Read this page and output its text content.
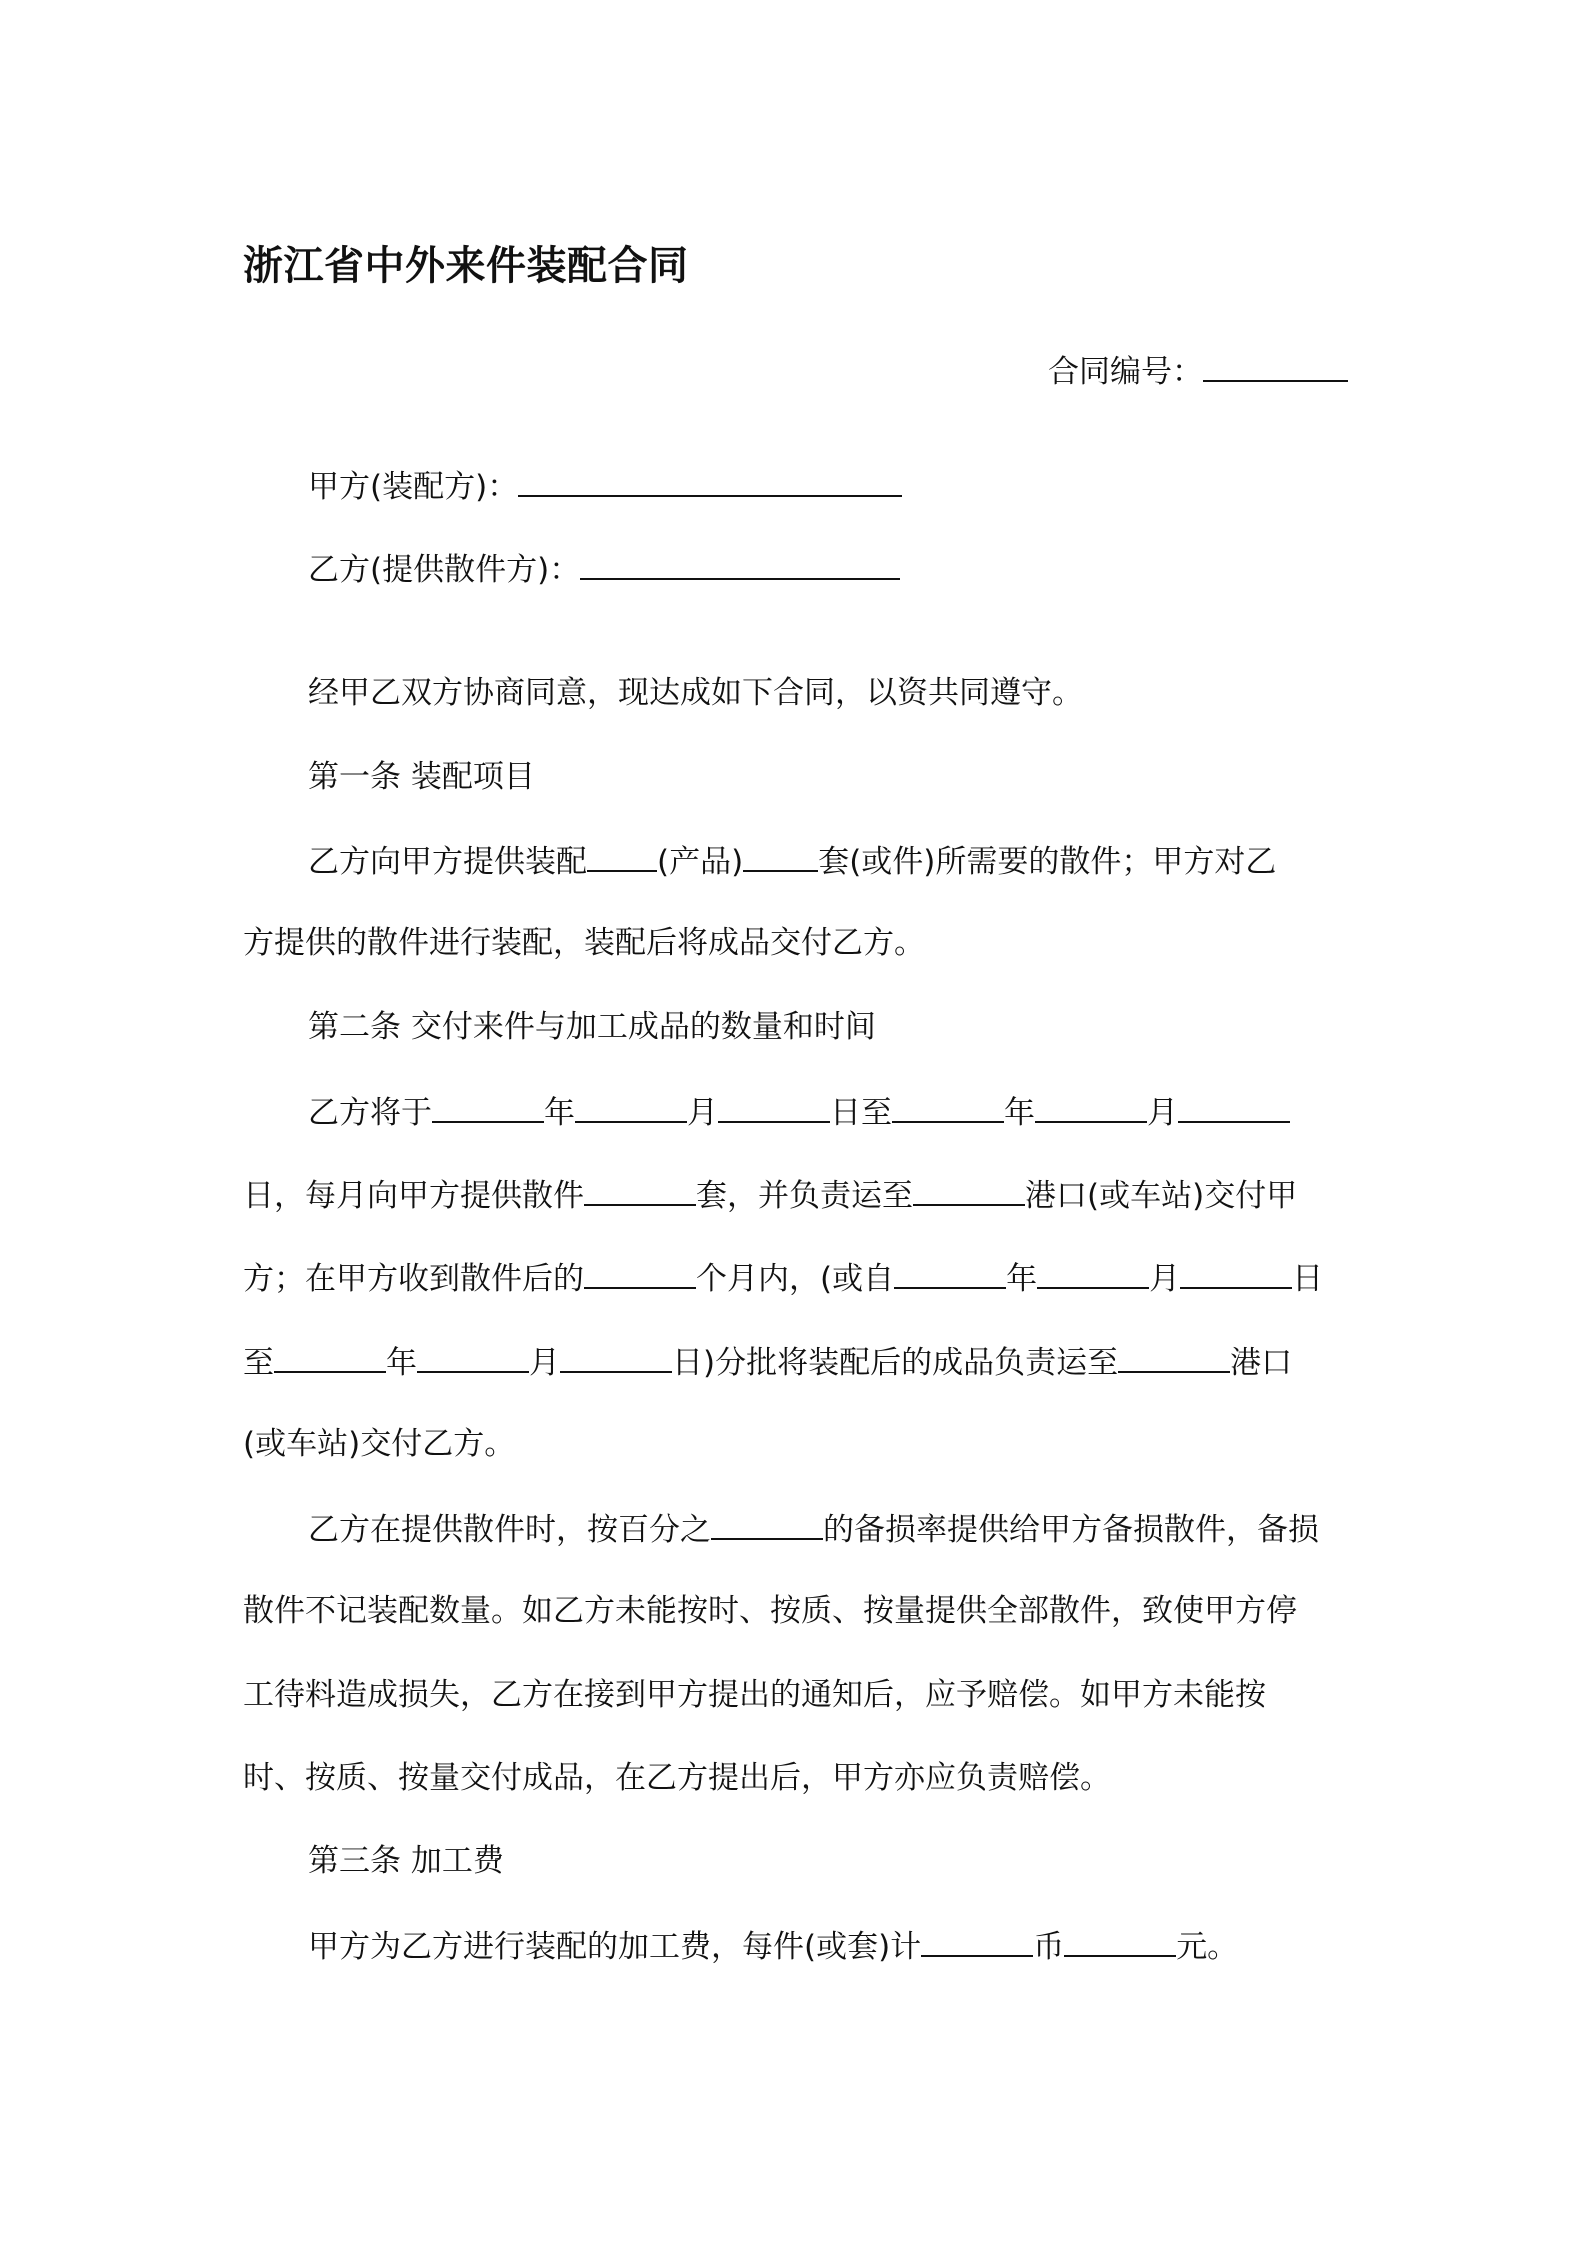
浙江省中外来件装配合同
合同编号：
甲方(装配方)：
乙方(提供散件方)：
经甲乙双方协商同意，现达成如下合同，以资共同遵守。
第一条 装配项目
乙方向甲方提供装配 (产品) 套(或件)所需要的散件；甲方对乙
方提供的散件进行装配，装配后将成品交付乙方。
第二条 交付来件与加工成品的数量和时间
乙方将于	年	月	日至	年	月
日，每月向甲方提供散件	套，并负责运至	港口(或车站)交付甲
方；在甲方收到散件后的	个月内，(或自	年	月	日
至	年	月	日)分批将装配后的成品负责运至	港口
(或车站)交付乙方。
乙方在提供散件时，按百分之	的备损率提供给甲方备损散件，备损
散件不记装配数量。如乙方未能按时、按质、按量提供全部散件，致使甲方停
工待料造成损失，乙方在接到甲方提出的通知后，应予赔偿。如甲方未能按
时、按质、按量交付成品，在乙方提出后，甲方亦应负责赔偿。
第三条 加工费
甲方为乙方进行装配的加工费，每件(或套)计	币	元。
